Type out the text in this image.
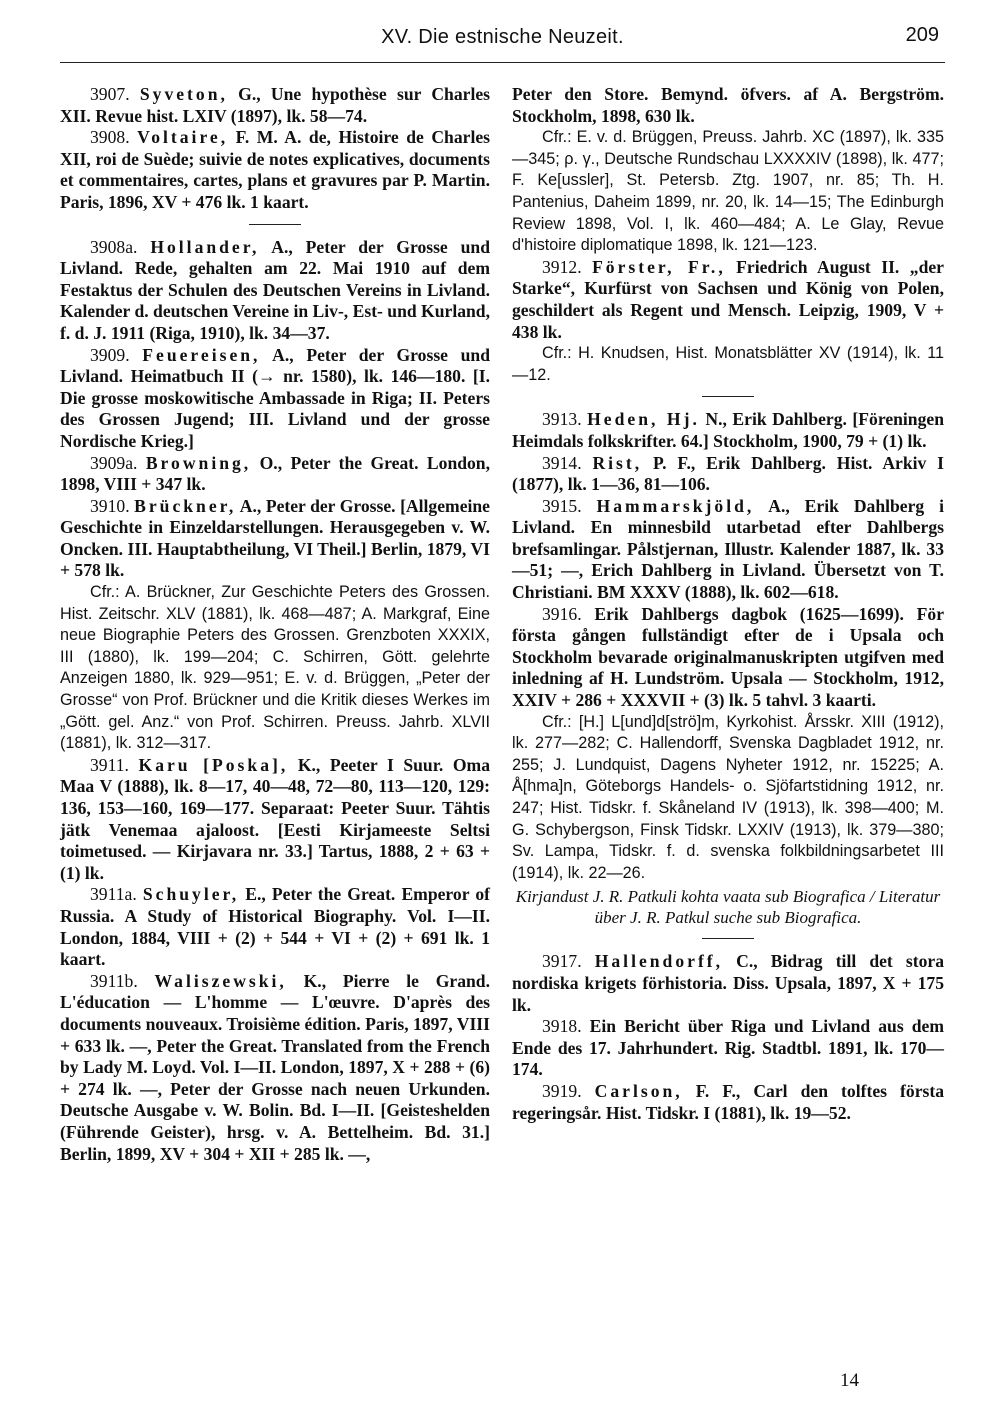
XV. Die estnische Neuzeit.	209

3907. Syveton, G., Une hypothèse sur Charles XII. Revue hist. LXIV (1897), lk. 58—74.

3908. Voltaire, F. M. A. de, Histoire de Charles XII, roi de Suède; suivie de notes explicatives, documents et commentaires, cartes, plans et gravures par P. Martin. Paris, 1896, XV + 476 lk. 1 kaart.

3908a. Hollander, A., Peter der Grosse und Livland. Rede, gehalten am 22. Mai 1910 auf dem Festaktus der Schulen des Deutschen Vereins in Livland. Kalender d. deutschen Vereine in Liv-, Est- und Kurland, f. d. J. 1911 (Riga, 1910), lk. 34—37.

3909. Feuereisen, A., Peter der Grosse und Livland. Heimatbuch II (→ nr. 1580), lk. 146—180. [I. Die grosse moskowitische Ambassade in Riga; II. Peters des Grossen Jugend; III. Livland und der grosse Nordische Krieg.]

3909a. Browning, O., Peter the Great. London, 1898, VIII + 347 lk.

3910. Brückner, A., Peter der Grosse. [Allgemeine Geschichte in Einzeldarstellungen. Herausgegeben v. W. Oncken. III. Hauptabtheilung, VI Theil.] Berlin, 1879, VI + 578 lk.

Cfr.: A. Brückner, Zur Geschichte Peters des Grossen. Hist. Zeitschr. XLV (1881), lk. 468—487; A. Markgraf, Eine neue Biographie Peters des Grossen. Grenzboten XXXIX, III (1880), lk. 199—204; C. Schirren, Gött. gelehrte Anzeigen 1880, lk. 929—951; E. v. d. Brüggen, „Peter der Grosse“ von Prof. Brückner und die Kritik dieses Werkes im „Gött. gel. Anz.“ von Prof. Schirren. Preuss. Jahrb. XLVII (1881), lk. 312—317.

3911. Karu [Poska], K., Peeter I Suur. Oma Maa V (1888), lk. 8—17, 40—48, 72—80, 113—120, 129: 136, 153—160, 169—177. Separaat: Peeter Suur. Tähtis jätk Venemaa ajaloost. [Eesti Kirjameeste Seltsi toimetused. — Kirjavara nr. 33.] Tartus, 1888, 2 + 63 + (1) lk.

3911a. Schuyler, E., Peter the Great. Emperor of Russia. A Study of Historical Biography. Vol. I—II. London, 1884, VIII + (2) + 544 + VI + (2) + 691 lk. 1 kaart.

3911b. Waliszewski, K., Pierre le Grand. L'éducation — L'homme — L'œuvre. D'après des documents nouveaux. Troisième édition. Paris, 1897, VIII + 633 lk. —, Peter the Great. Translated from the French by Lady M. Loyd. Vol. I—II. London, 1897, X + 288 + (6) + 274 lk. —, Peter der Grosse nach neuen Urkunden. Deutsche Ausgabe v. W. Bolin. Bd. I—II. [Geisteshelden (Führende Geister), hrsg. v. A. Bettelheim. Bd. 31.] Berlin, 1899, XV + 304 + XII + 285 lk. —,

Peter den Store. Bemynd. öfvers. af A. Bergström. Stockholm, 1898, 630 lk.

Cfr.: E. v. d. Brüggen, Preuss. Jahrb. XC (1897), lk. 335—345; ρ. γ., Deutsche Rundschau LXXXXIV (1898), lk. 477; F. Ke[ussler], St. Petersb. Ztg. 1907, nr. 85; Th. H. Pantenius, Daheim 1899, nr. 20, lk. 14—15; The Edinburgh Review 1898, Vol. I, lk. 460—484; A. Le Glay, Revue d'histoire diplomatique 1898, lk. 121—123.

3912. Förster, Fr., Friedrich August II. „der Starke“, Kurfürst von Sachsen und König von Polen, geschildert als Regent und Mensch. Leipzig, 1909, V + 438 lk.

Cfr.: H. Knudsen, Hist. Monatsblätter XV (1914), lk. 11—12.

3913. Heden, Hj. N., Erik Dahlberg. [Föreningen Heimdals folkskrifter. 64.] Stockholm, 1900, 79 + (1) lk.

3914. Rist, P. F., Erik Dahlberg. Hist. Arkiv I (1877), lk. 1—36, 81—106.

3915. Hammarskjöld, A., Erik Dahlberg i Livland. En minnesbild utarbetad efter Dahlbergs brefsamlingar. Pålstjernan, Illustr. Kalender 1887, lk. 33—51; —, Erich Dahlberg in Livland. Übersetzt von T. Christiani. BM XXXV (1888), lk. 602—618.

3916. Erik Dahlbergs dagbok (1625—1699). För första gången fullständigt efter de i Upsala och Stockholm bevarade originalmanuskripten utgifven med inledning af H. Lundström. Upsala — Stockholm, 1912, XXIV + 286 + XXXVII + (3) lk. 5 tahvl. 3 kaarti.

Cfr.: [H.] L[und]d[strö]m, Kyrkohist. Årsskr. XIII (1912), lk. 277—282; C. Hallendorff, Svenska Dagbladet 1912, nr. 255; J. Lundquist, Dagens Nyheter 1912, nr. 15225; A. Å[hma]n, Göteborgs Handels- o. Sjöfartstidning 1912, nr. 247; Hist. Tidskr. f. Skåneland IV (1913), lk. 398—400; M. G. Schybergson, Finsk Tidskr. LXXIV (1913), lk. 379—380; Sv. Lampa, Tidskr. f. d. svenska folkbildningsarbetet III (1914), lk. 22—26.

Kirjandust J. R. Patkuli kohta vaata sub Biografica / Literatur über J. R. Patkul suche sub Biografica.

3917. Hallendorff, C., Bidrag till det stora nordiska krigets förhistoria. Diss. Upsala, 1897, X + 175 lk.

3918. Ein Bericht über Riga und Livland aus dem Ende des 17. Jahrhundert. Rig. Stadtbl. 1891, lk. 170—174.

3919. Carlson, F. F., Carl den tolftes första regeringsår. Hist. Tidskr. I (1881), lk. 19—52.

14
